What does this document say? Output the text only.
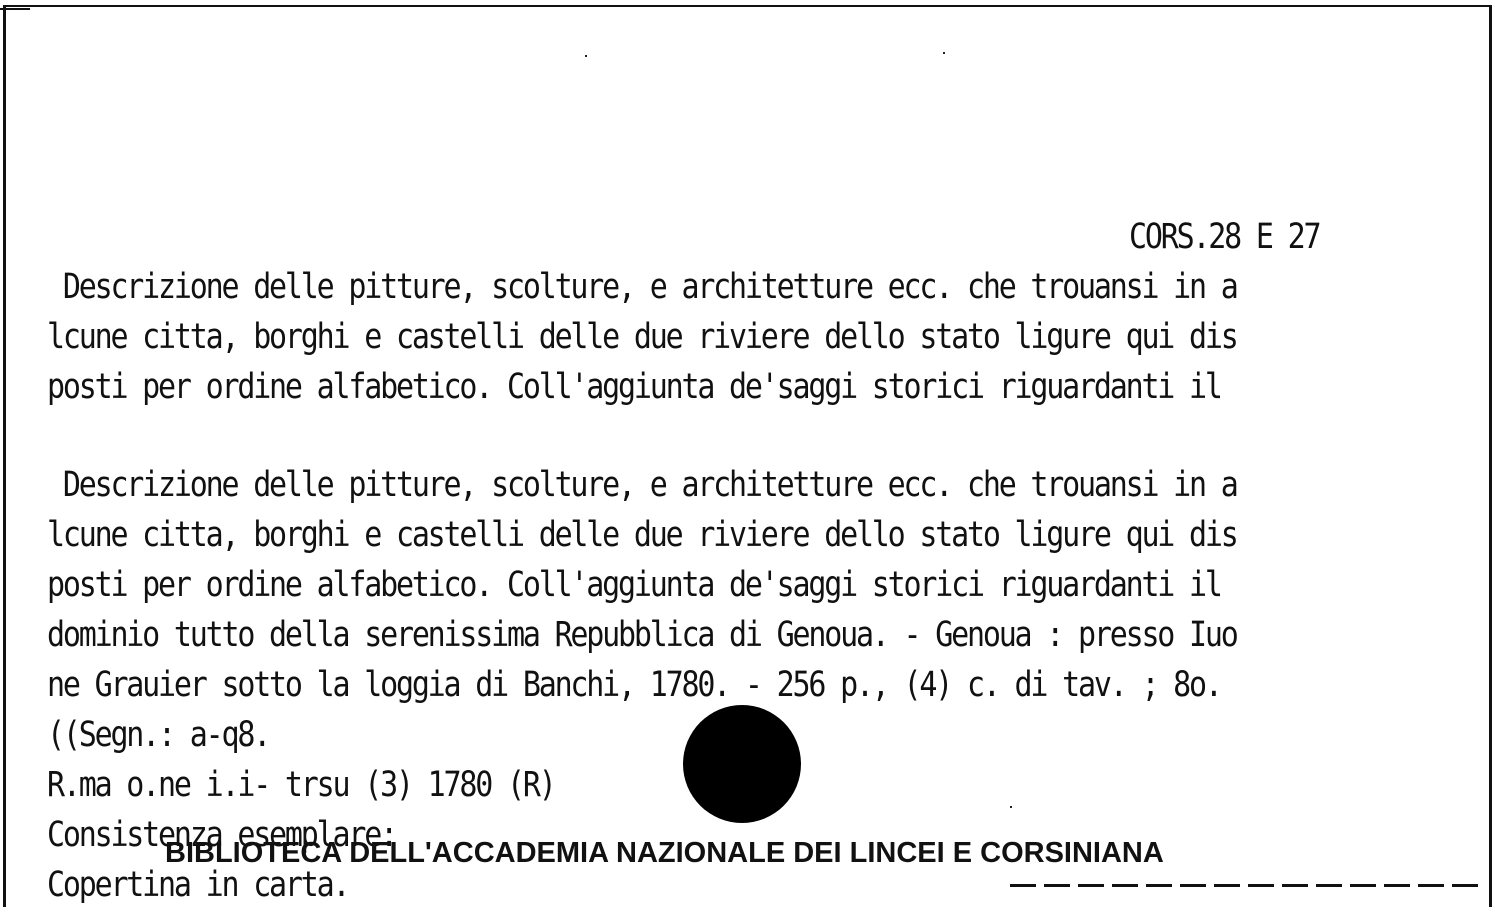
CORS.28 E 27
Descrizione delle pitture, scolture, e architetture ecc. che trouansi in a
lcune citta, borghi e castelli delle due riviere dello stato ligure qui dis
posti per ordine alfabetico. Coll'aggiunta de'saggi storici riguardanti il
Descrizione delle pitture, scolture, e architetture ecc. che trouansi in a
lcune citta, borghi e castelli delle due riviere dello stato ligure qui dis
posti per ordine alfabetico. Coll'aggiunta de'saggi storici riguardanti il
dominio tutto della serenissima Repubblica di Genoua. - Genoua : presso Iuo
ne Grauier sotto la loggia di Banchi, 1780. - 256 p., (4) c. di tav. ; 8o.
((Segn.: a-q8.
R.ma o.ne i.i- trsu (3) 1780 (R)
Consistenza esemplare:
Copertina in carta.
BIBLIOTECA DELL'ACCADEMIA NAZIONALE DEI LINCEI E CORSINIANA
